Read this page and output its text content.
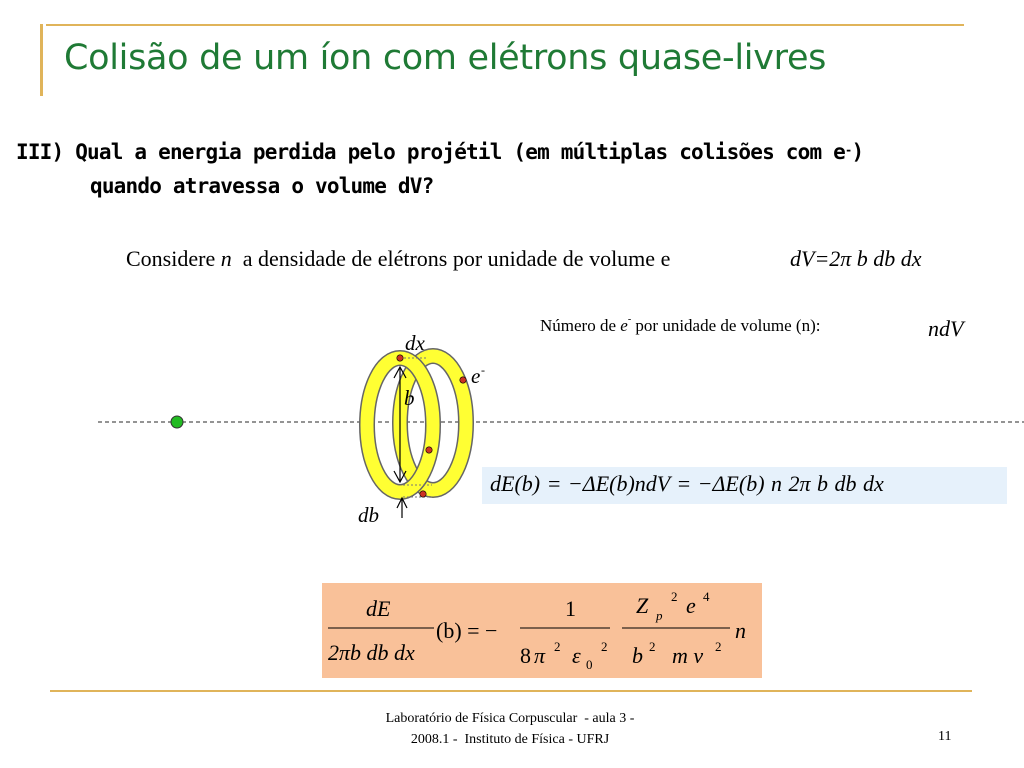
Colisão de um íon com elétrons quase-livres
III) Qual a energia perdida pelo projétil (em múltiplas colisões com e-)
quando atravessa o volume dV?
Considere n  a densidade de elétrons por unidade de volume e	dV=2π b db dx
Número de e- por unidade de volume (n):	ndV
dx
e -
b
db
dE(b) = −ΔE(b)ndV = −ΔE(b) n 2π b db dx
dE
2πb db dx
(b) = −
1
8 π 2 ε 2
0
Z p
2 e 4
b 2 m v 2
n
Laboratório de Física Corpuscular  - aula 3 -
2008.1 -  Instituto de Física - UFRJ	11
